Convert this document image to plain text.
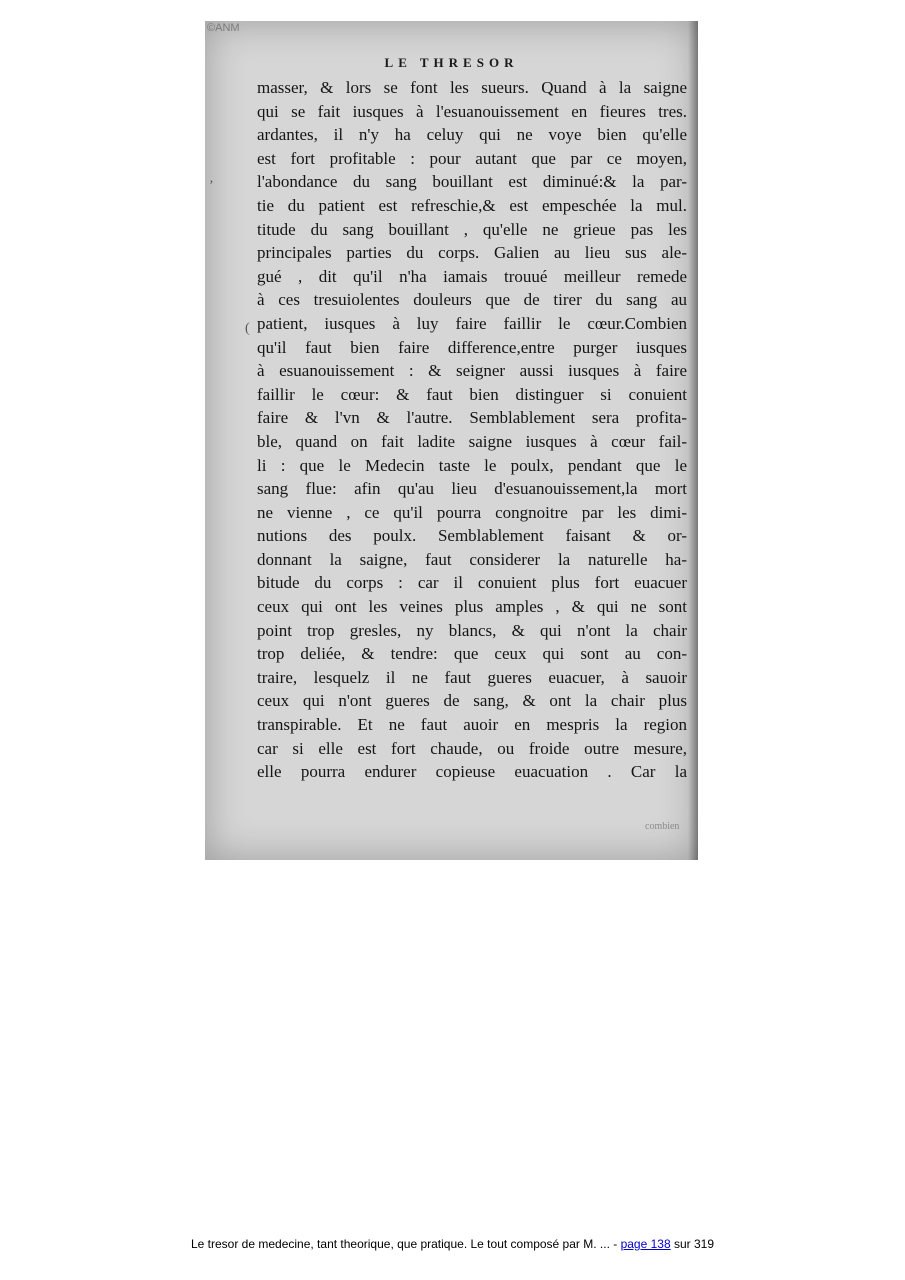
©ANM
LE THRESOR
‚
(
masser, & lors se font les sueurs. Quand à la saigne
qui se fait iusques à l'esuanouissement en fieures tres.
ardantes, il n'y ha celuy qui ne voye bien qu'elle
est fort profitable : pour autant que par ce moyen,
l'abondance du sang bouillant est diminué:& la par-
tie du patient est refreschie,& est empeschée la mul.
titude du sang bouillant , qu'elle ne grieue pas les
principales parties du corps. Galien au lieu sus ale-
gué , dit qu'il n'ha iamais trouué meilleur remede
à ces tresuiolentes douleurs que de tirer du sang au
patient, iusques à luy faire faillir le cœur.Combien
qu'il faut bien faire difference,entre purger iusques
à esuanouissement : & seigner aussi iusques à faire
faillir le cœur: & faut bien distinguer si conuient
faire & l'vn & l'autre. Semblablement sera profita-
ble, quand on fait ladite saigne iusques à cœur fail-
li : que le Medecin taste le poulx, pendant que le
sang flue: afin qu'au lieu d'esuanouissement,la mort
ne vienne , ce qu'il pourra congnoitre par les dimi-
nutions des poulx. Semblablement faisant & or-
donnant la saigne, faut considerer la naturelle ha-
bitude du corps : car il conuient plus fort euacuer
ceux qui ont les veines plus amples , & qui ne sont
point trop gresles, ny blancs, & qui n'ont la chair
trop deliée, & tendre: que ceux qui sont au con-
traire, lesquelz il ne faut gueres euacuer, à sauoir
ceux qui n'ont gueres de sang, & ont la chair plus
transpirable. Et ne faut auoir en mespris la region
car si elle est fort chaude, ou froide outre mesure,
elle pourra endurer copieuse euacuation . Car la
combien
Le tresor de medecine, tant theorique, que pratique. Le tout composé par M. ... - page 138 sur 319
